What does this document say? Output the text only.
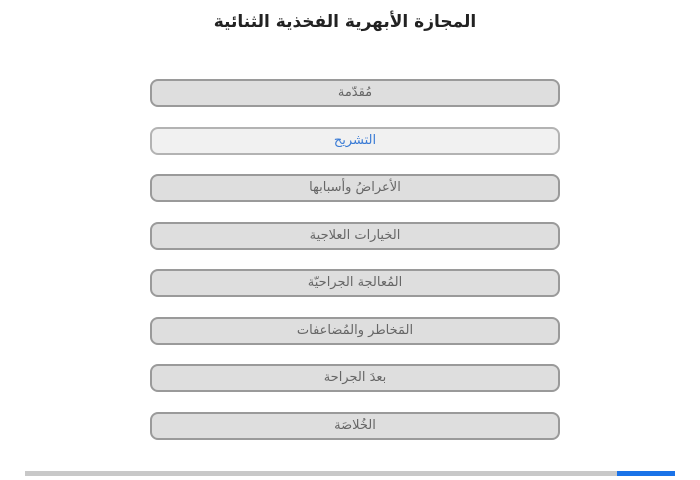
المجازة الأبهرية الفخذية الثنائية
مُقدّمة
التشريح
الأعراضُ وأسبابها
الخيارات العلاجية
المُعالجة الجراحيّة
المَخاطر والمُضاعفات
بعدَ الجراحة
الخُلاصَة
